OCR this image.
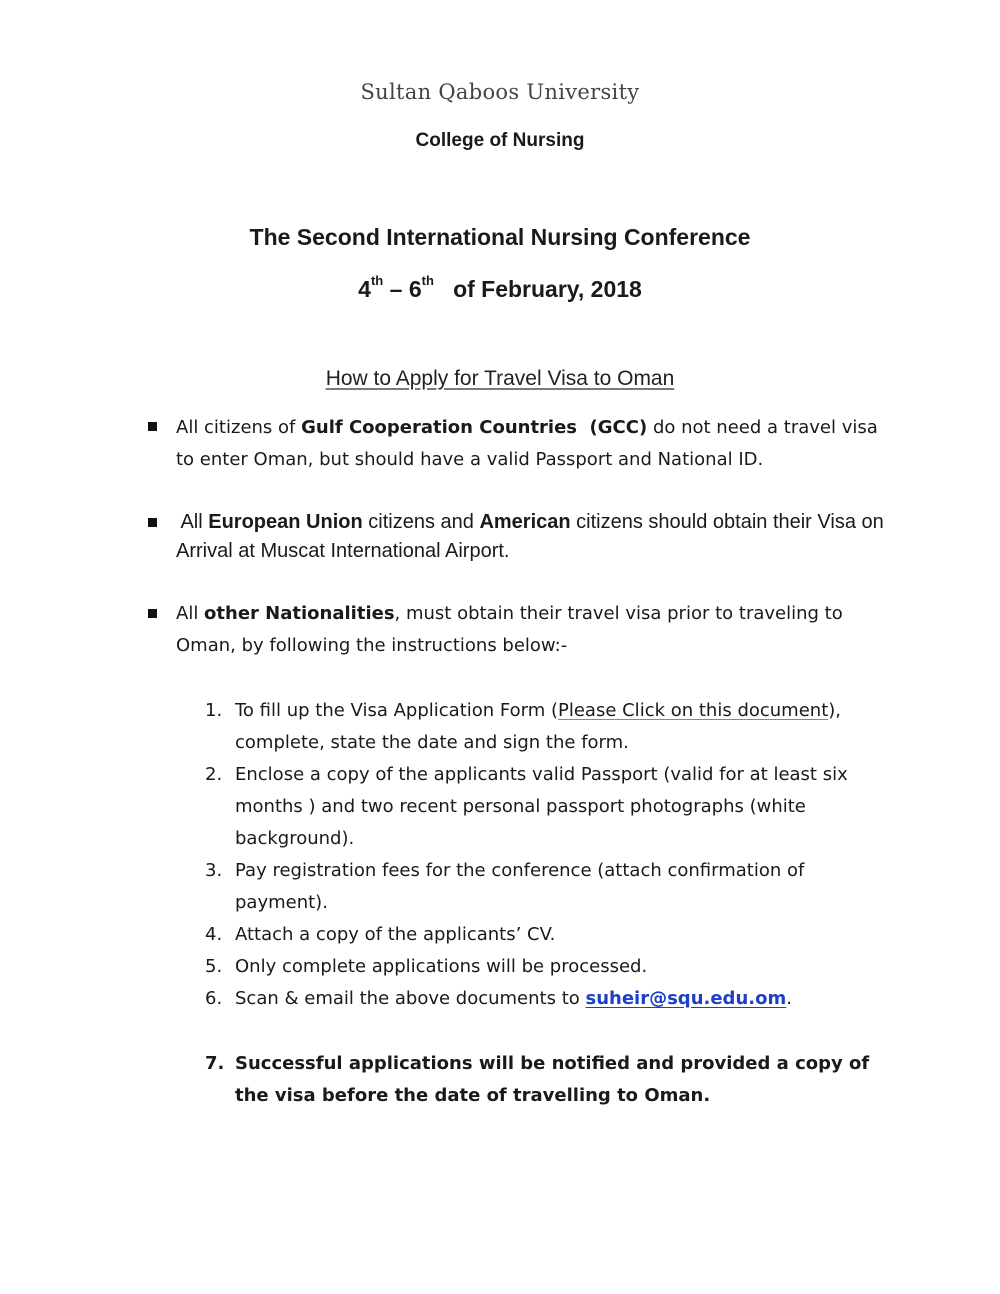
Sultan Qaboos University
College of Nursing
The Second International Nursing Conference
4th – 6th of February, 2018
How to Apply for Travel Visa to Oman
All citizens of Gulf Cooperation Countries  (GCC) do not need a travel visa to enter Oman, but should have a valid Passport and National ID.
All European Union citizens and American citizens should obtain their Visa on Arrival at Muscat International Airport.
All other Nationalities, must obtain their travel visa prior to traveling to Oman, by following the instructions below:-
1. To fill up the Visa Application Form (Please Click on this document), complete, state the date and sign the form.
2. Enclose a copy of the applicants valid Passport (valid for at least six months ) and two recent personal passport photographs (white background).
3. Pay registration fees for the conference (attach confirmation of payment).
4. Attach a copy of the applicants’ CV.
5. Only complete applications will be processed.
6. Scan & email the above documents to suheir@squ.edu.om.
7. Successful applications will be notified and provided a copy of the visa before the date of travelling to Oman.
